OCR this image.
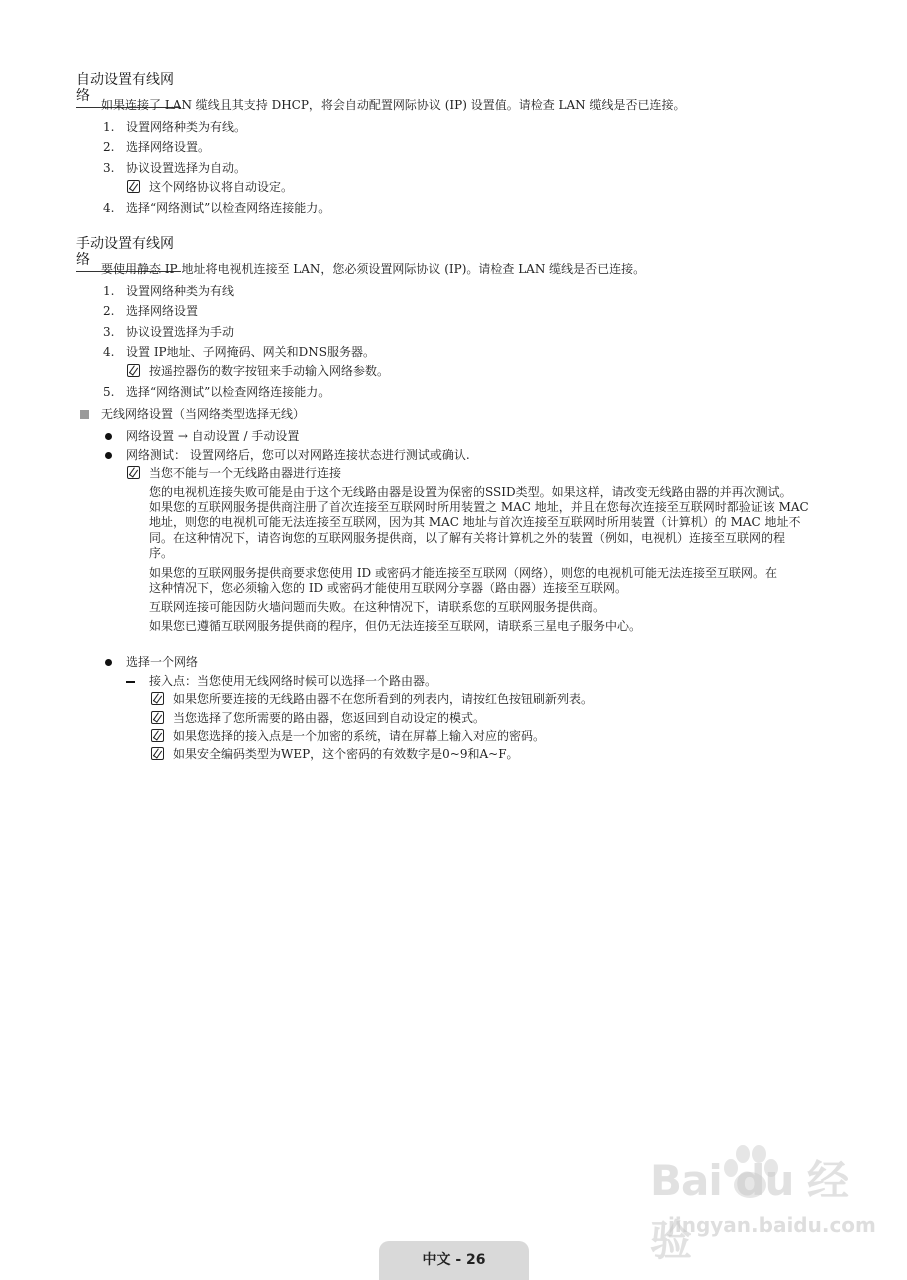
自动设置有线网络
如果连接了 LAN 缆线且其支持 DHCP，将会自动配置网际协议 (IP) 设置值。请检查 LAN 缆线是否已连接。
1. 设置网络种类为有线。
2. 选择网络设置。
3. 协议设置选择为自动。
这个网络协议将自动设定。
4. 选择“网络测试”以检查网络连接能力。
手动设置有线网络
要使用静态 IP 地址将电视机连接至 LAN，您必须设置网际协议 (IP)。请检查 LAN 缆线是否已连接。
1. 设置网络种类为有线
2. 选择网络设置
3. 协议设置选择为手动
4. 设置 IP地址、子网掩码、网关和DNS服务器。
按遥控器伤的数字按钮来手动输入网络参数。
5. 选择“网络测试”以检查网络连接能力。
无线网络设置（当网络类型选择无线）
网络设置 → 自动设置 / 手动设置
网络测试： 设置网络后，您可以对网路连接状态进行测试或确认.
当您不能与一个无线路由器进行连接
您的电视机连接失败可能是由于这个无线路由器是设置为保密的SSID类型。如果这样，请改变无线路由器的并再次测试。
如果您的互联网服务提供商注册了首次连接至互联网时所用装置之 MAC 地址，并且在您每次连接至互联网时都验证该 MAC
地址，则您的电视机可能无法连接至互联网，因为其 MAC 地址与首次连接至互联网时所用装置（计算机）的 MAC 地址不
同。在这种情况下，请咨询您的互联网服务提供商，以了解有关将计算机之外的装置（例如，电视机）连接至互联网的程
序。
如果您的互联网服务提供商要求您使用 ID 或密码才能连接至互联网（网络），则您的电视机可能无法连接至互联网。在
这种情况下，您必须输入您的 ID 或密码才能使用互联网分享器（路由器）连接至互联网。
互联网连接可能因防火墙问题而失败。在这种情况下，请联系您的互联网服务提供商。
如果您已遵循互联网服务提供商的程序，但仍无法连接至互联网，请联系三星电子服务中心。
选择一个网络
接入点：当您使用无线网络时候可以选择一个路由器。
如果您所要连接的无线路由器不在您所看到的列表内，请按红色按钮刷新列表。
当您选择了您所需要的路由器，您返回到自动设定的模式。
如果您选择的接入点是一个加密的系统，请在屏幕上输入对应的密码。
如果安全编码类型为WEP，这个密码的有效数字是0~9和A~F。
Bai du 经验
jingyan.baidu.com
中文 - 26
